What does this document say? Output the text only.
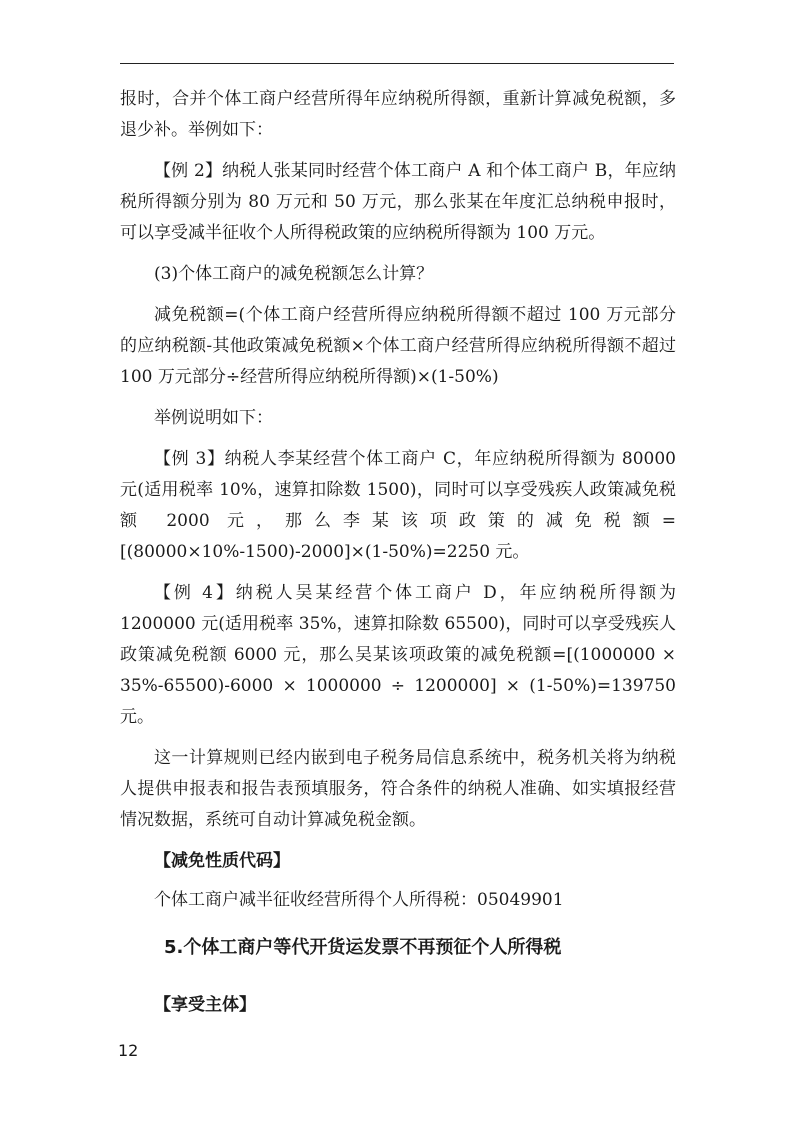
报时，合并个体工商户经营所得年应纳税所得额，重新计算减免税额，多退少补。举例如下：

【例 2】纳税人张某同时经营个体工商户 A 和个体工商户 B，年应纳税所得额分别为 80 万元和 50 万元，那么张某在年度汇总纳税申报时，可以享受减半征收个人所得税政策的应纳税所得额为 100 万元。

(3)个体工商户的减免税额怎么计算？

减免税额=(个体工商户经营所得应纳税所得额不超过 100 万元部分的应纳税额-其他政策减免税额×个体工商户经营所得应纳税所得额不超过 100 万元部分÷经营所得应纳税所得额)×(1-50%)

举例说明如下：

【例 3】纳税人李某经营个体工商户 C，年应纳税所得额为 80000 元(适用税率 10%，速算扣除数 1500)，同时可以享受残疾人政策减免税额 2000 元，那么李某该项政策的减免税额=[(80000×10%-1500)-2000]×(1-50%)=2250 元。

【例 4】纳税人吴某经营个体工商户 D，年应纳税所得额为 1200000 元(适用税率 35%，速算扣除数 65500)，同时可以享受残疾人政策减免税额 6000 元，那么吴某该项政策的减免税额=[(1000000 × 35%-65500)-6000 × 1000000 ÷ 1200000] × (1-50%)=139750 元。

这一计算规则已经内嵌到电子税务局信息系统中，税务机关将为纳税人提供申报表和报告表预填服务，符合条件的纳税人准确、如实填报经营情况数据，系统可自动计算减免税金额。

【减免性质代码】

个体工商户减半征收经营所得个人所得税：05049901

5.个体工商户等代开货运发票不再预征个人所得税

【享受主体】

12
